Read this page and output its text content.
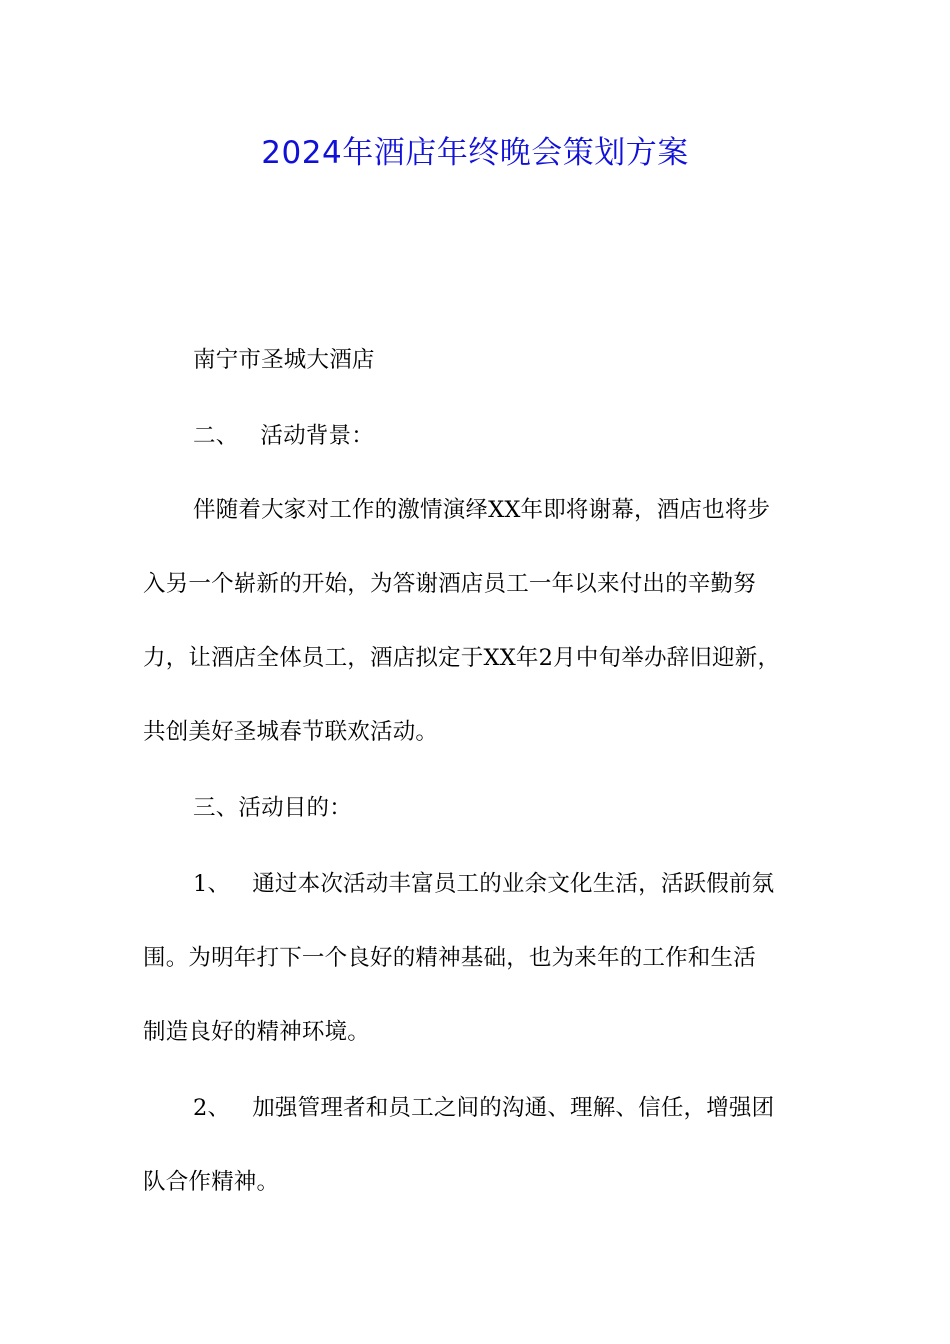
2024年酒店年终晚会策划方案
南宁市圣城大酒店
二、 活动背景：
伴随着大家对工作的激情演绎XX年即将谢幕，酒店也将步
入另一个崭新的开始，为答谢酒店员工一年以来付出的辛勤努
力，让酒店全体员工，酒店拟定于XX年2月中旬举办辞旧迎新，
共创美好圣城春节联欢活动。
三、活动目的：
1、 通过本次活动丰富员工的业余文化生活，活跃假前氛
围。为明年打下一个良好的精神基础，也为来年的工作和生活
制造良好的精神环境。
2、 加强管理者和员工之间的沟通、理解、信任，增强团
队合作精神。
